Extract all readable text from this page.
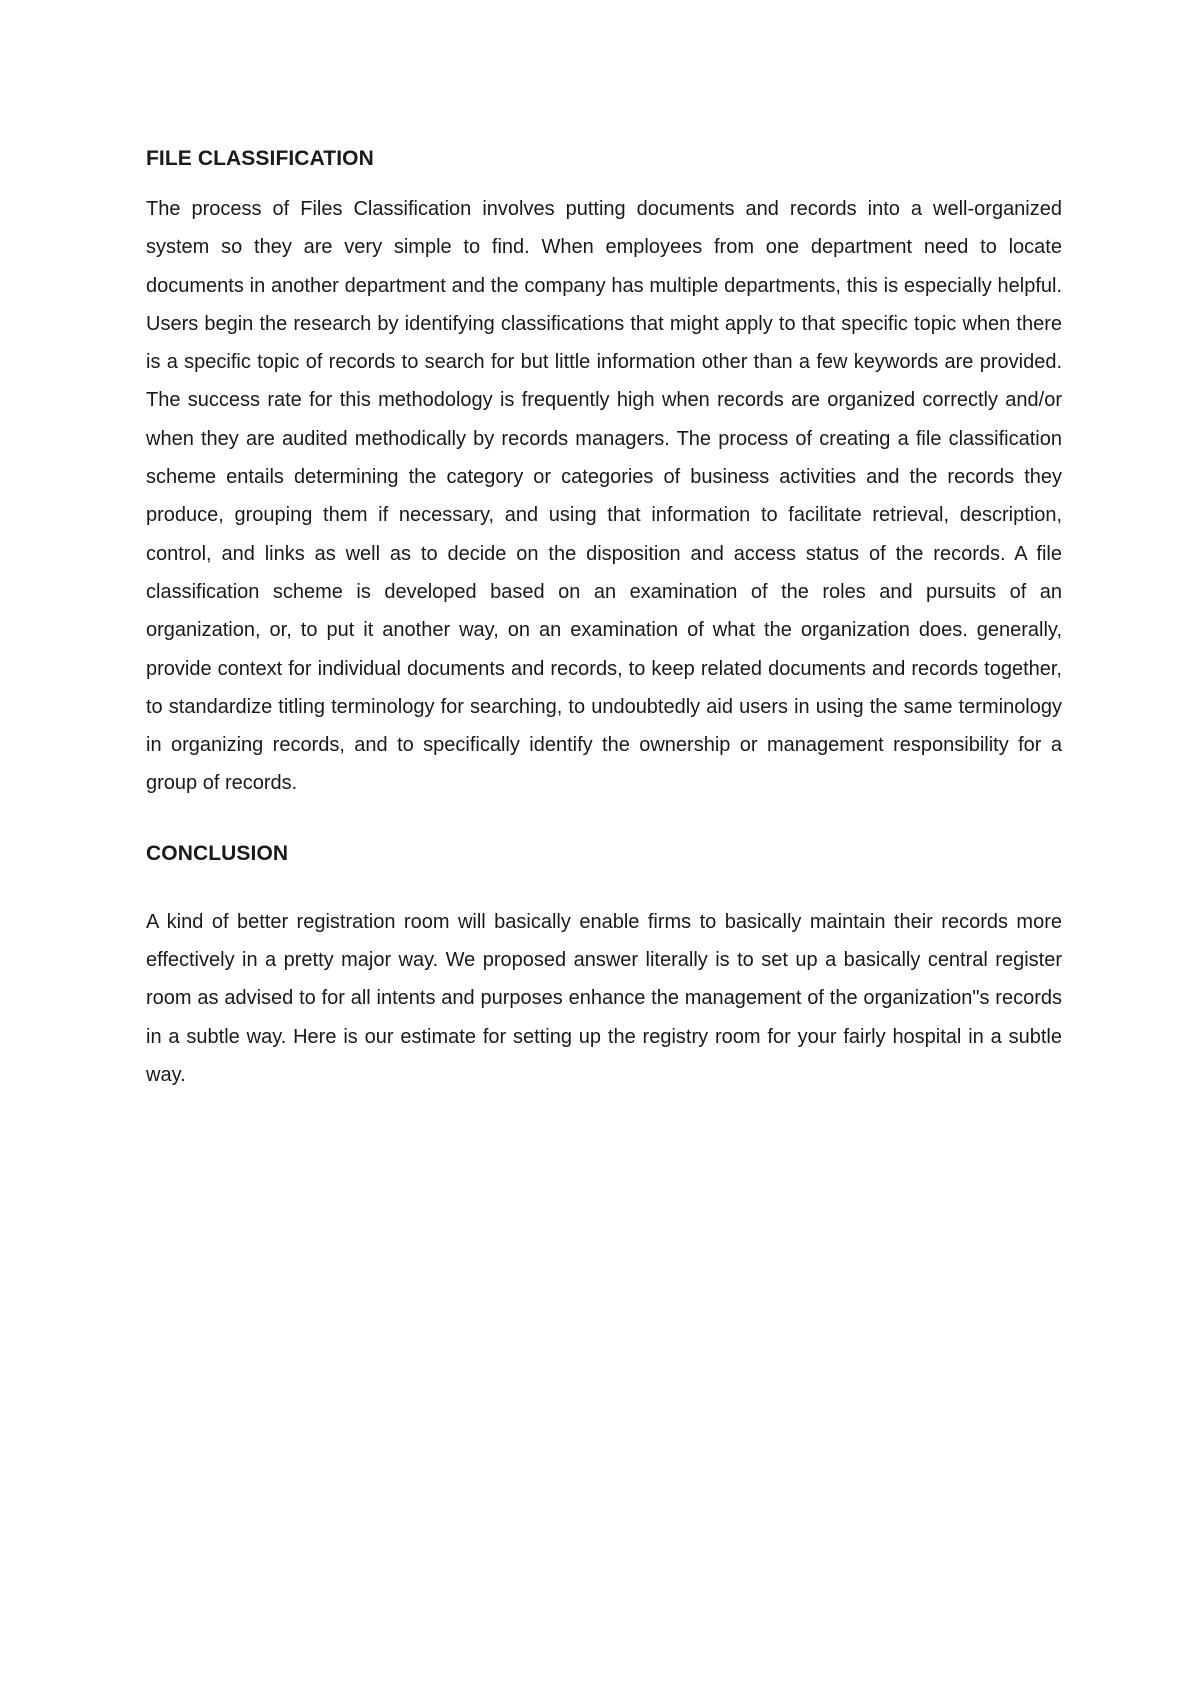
FILE CLASSIFICATION

The process of Files Classification involves putting documents and records into a well-organized system so they are very simple to find. When employees from one department need to locate documents in another department and the company has multiple departments, this is especially helpful. Users begin the research by identifying classifications that might apply to that specific topic when there is a specific topic of records to search for but little information other than a few keywords are provided. The success rate for this methodology is frequently high when records are organized correctly and/or when they are audited methodically by records managers. The process of creating a file classification scheme entails determining the category or categories of business activities and the records they produce, grouping them if necessary, and using that information to facilitate retrieval, description, control, and links as well as to decide on the disposition and access status of the records. A file classification scheme is developed based on an examination of the roles and pursuits of an organization, or, to put it another way, on an examination of what the organization does. generally, provide context for individual documents and records, to keep related documents and records together, to standardize titling terminology for searching, to undoubtedly aid users in using the same terminology in organizing records, and to specifically identify the ownership or management responsibility for a group of records.

CONCLUSION

A kind of better registration room will basically enable firms to basically maintain their records more effectively in a pretty major way. We proposed answer literally is to set up a basically central register room as advised to for all intents and purposes enhance the management of the organization"s records in a subtle way. Here is our estimate for setting up the registry room for your fairly hospital in a subtle way.
